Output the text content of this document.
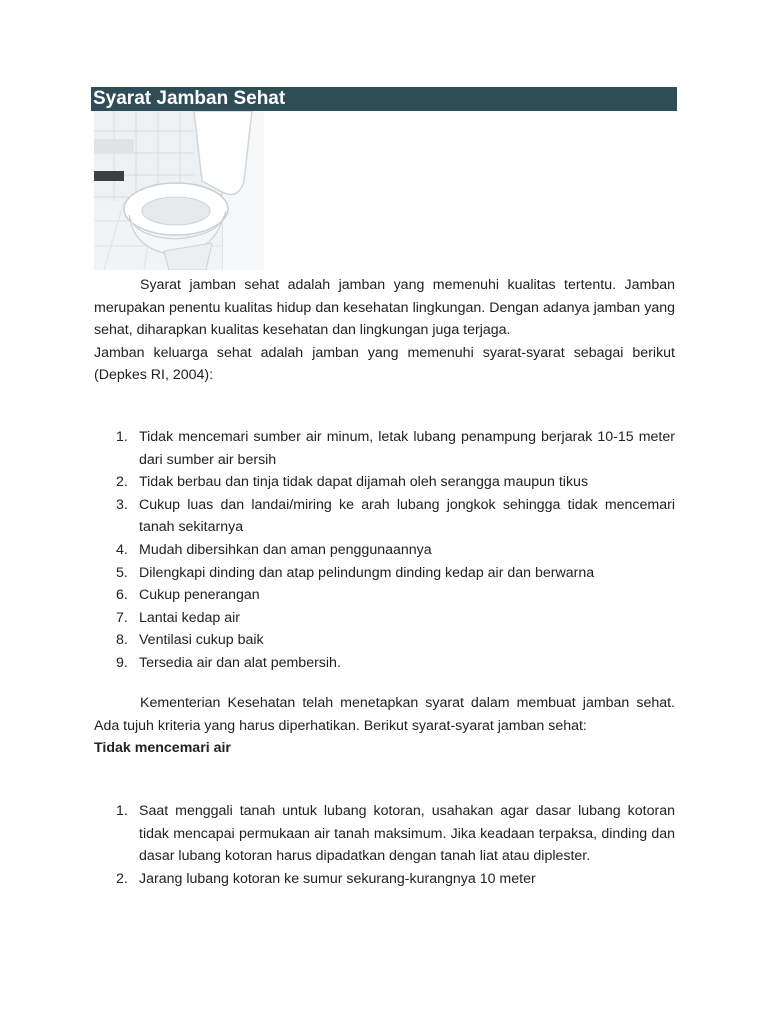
Syarat Jamban Sehat

Syarat jamban sehat adalah jamban yang memenuhi kualitas tertentu. Jamban merupakan penentu kualitas hidup dan kesehatan lingkungan. Dengan adanya jamban yang sehat, diharapkan kualitas kesehatan dan lingkungan juga terjaga.

Jamban keluarga sehat adalah jamban yang memenuhi syarat-syarat sebagai berikut (Depkes RI, 2004):

1. Tidak mencemari sumber air minum, letak lubang penampung berjarak 10-15 meter dari sumber air bersih
2. Tidak berbau dan tinja tidak dapat dijamah oleh serangga maupun tikus
3. Cukup luas dan landai/miring ke arah lubang jongkok sehingga tidak mencemari tanah sekitarnya
4. Mudah dibersihkan dan aman penggunaannya
5. Dilengkapi dinding dan atap pelindungm dinding kedap air dan berwarna
6. Cukup penerangan
7. Lantai kedap air
8. Ventilasi cukup baik
9. Tersedia air dan alat pembersih.

Kementerian Kesehatan telah menetapkan syarat dalam membuat jamban sehat. Ada tujuh kriteria yang harus diperhatikan. Berikut syarat-syarat jamban sehat:

Tidak mencemari air

1. Saat menggali tanah untuk lubang kotoran, usahakan agar dasar lubang kotoran tidak mencapai permukaan air tanah maksimum. Jika keadaan terpaksa, dinding dan dasar lubang kotoran harus dipadatkan dengan tanah liat atau diplester.
2. Jarang lubang kotoran ke sumur sekurang-kurangnya 10 meter
